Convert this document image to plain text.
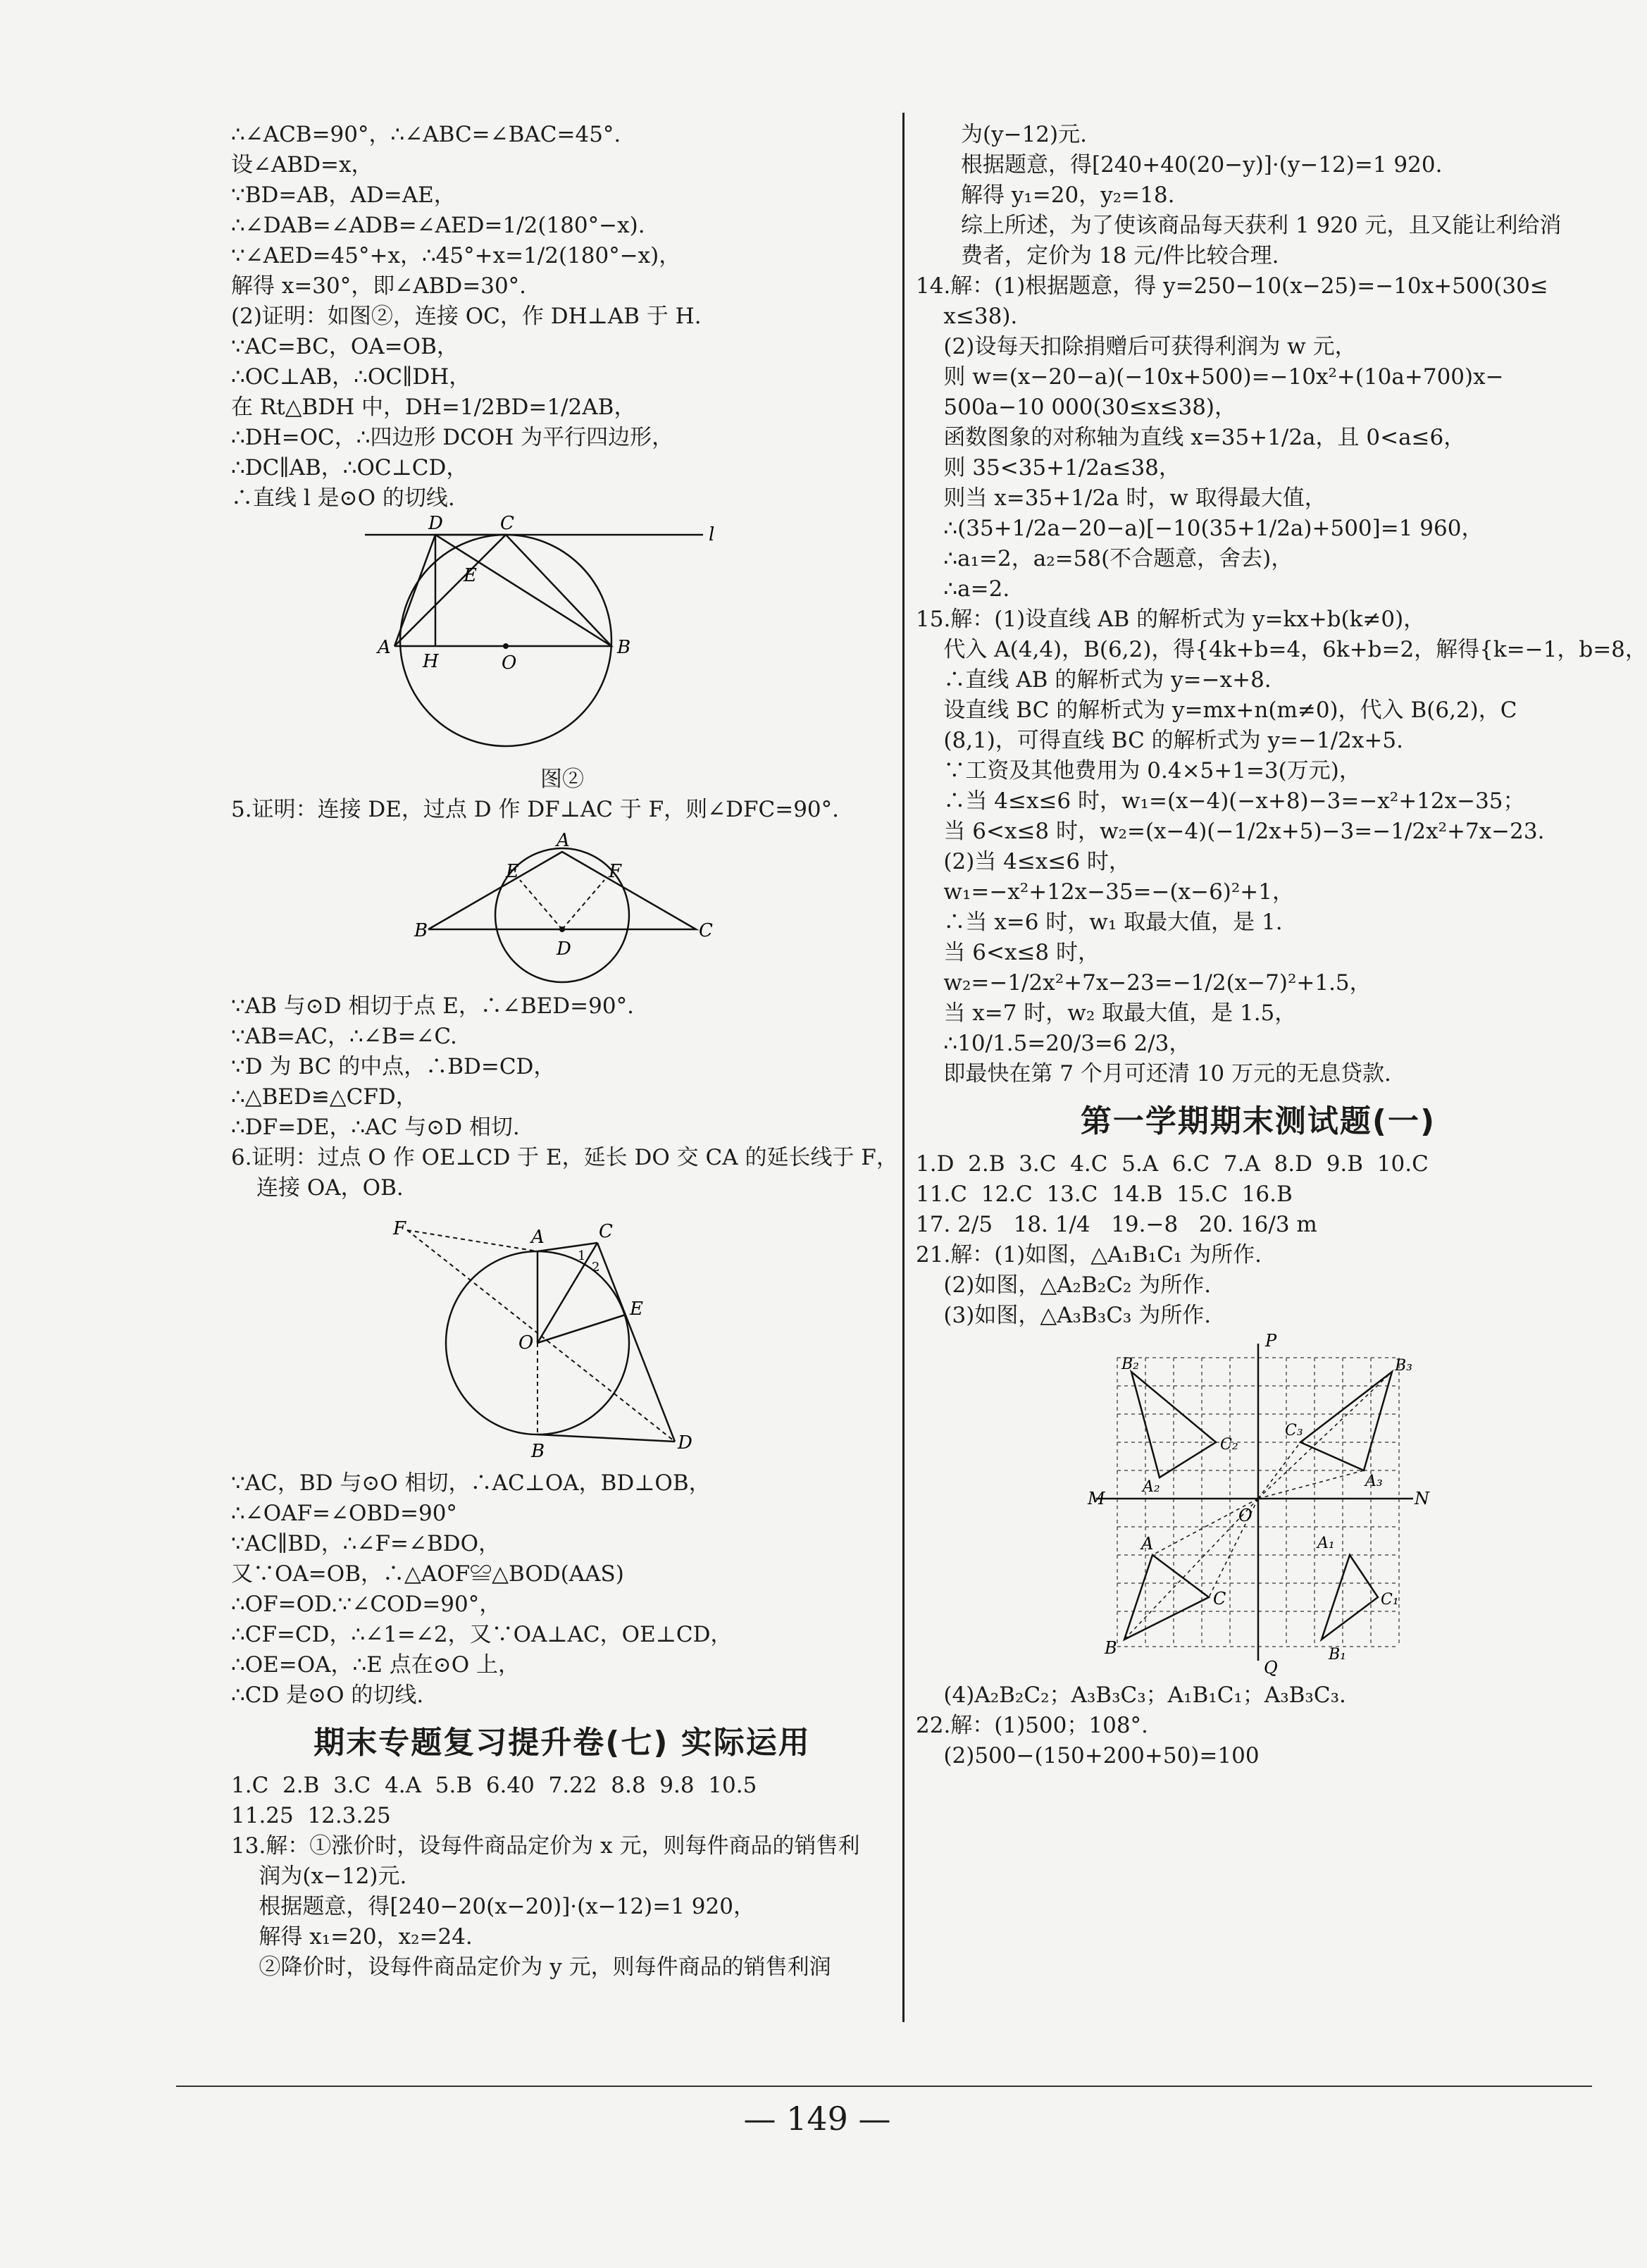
∴∠ACB=90°，∴∠ABC=∠BAC=45°.
设∠ABD=x，
∵BD=AB，AD=AE，
∴∠DAB=∠ADB=∠AED=1/2(180°−x).
∵∠AED=45°+x，∴45°+x=1/2(180°−x)，
解得 x=30°，即∠ABD=30°.
(2)证明：如图②，连接 OC，作 DH⊥AB 于 H.
∵AC=BC，OA=OB，
∴OC⊥AB，∴OC∥DH，
在 Rt△BDH 中，DH=1/2BD=1/2AB，
∴DH=OC，∴四边形 DCOH 为平行四边形，
∴DC∥AB，∴OC⊥CD，
∴直线 l 是⊙O 的切线.
D	C
l
E
A
H	O
B
图②
5.证明：连接 DE，过点 D 作 DF⊥AC 于 F，则∠DFC=90°.
A
E	F
B
D
C
∵AB 与⊙D 相切于点 E，∴∠BED=90°.
∵AB=AC，∴∠B=∠C.
∵D 为 BC 的中点，∴BD=CD，
∴△BED≌△CFD，
∴DF=DE，∴AC 与⊙D 相切.
6.证明：过点 O 作 OE⊥CD 于 E，延长 DO 交 CA 的延长线于 F，
连接 OA，OB.
F	A	C
1
2
E
O
B	D
∵AC，BD 与⊙O 相切，∴AC⊥OA，BD⊥OB，
∴∠OAF=∠OBD=90°
∵AC∥BD，∴∠F=∠BDO，
又∵OA=OB，∴△AOF≌△BOD(AAS)
∴OF=OD.∵∠COD=90°，
∴CF=CD，∴∠1=∠2，又∵OA⊥AC，OE⊥CD，
∴OE=OA，∴E 点在⊙O 上，
∴CD 是⊙O 的切线.
期末专题复习提升卷(七) 实际运用
1.C  2.B  3.C  4.A  5.B  6.40  7.22  8.8  9.8  10.5
11.25  12.3.25
13.解：①涨价时，设每件商品定价为 x 元，则每件商品的销售利
润为(x−12)元.
根据题意，得[240−20(x−20)]·(x−12)=1 920，
解得 x₁=20，x₂=24.
②降价时，设每件商品定价为 y 元，则每件商品的销售利润
为(y−12)元.
根据题意，得[240+40(20−y)]·(y−12)=1 920.
解得 y₁=20，y₂=18.
综上所述，为了使该商品每天获利 1 920 元，且又能让利给消
费者，定价为 18 元/件比较合理.
14.解：(1)根据题意，得 y=250−10(x−25)=−10x+500(30≤
x≤38).
(2)设每天扣除捐赠后可获得利润为 w 元，
则 w=(x−20−a)(−10x+500)=−10x²+(10a+700)x−
500a−10 000(30≤x≤38)，
函数图象的对称轴为直线 x=35+1/2a，且 0<a≤6，
则 35<35+1/2a≤38，
则当 x=35+1/2a 时，w 取得最大值，
∴(35+1/2a−20−a)[−10(35+1/2a)+500]=1 960，
∴a₁=2，a₂=58(不合题意，舍去)，
∴a=2.
15.解：(1)设直线 AB 的解析式为 y=kx+b(k≠0)，
代入 A(4,4)，B(6,2)，得{4k+b=4，6k+b=2，解得{k=−1，b=8，
∴直线 AB 的解析式为 y=−x+8.
设直线 BC 的解析式为 y=mx+n(m≠0)，代入 B(6,2)，C
(8,1)，可得直线 BC 的解析式为 y=−1/2x+5.
∵工资及其他费用为 0.4×5+1=3(万元)，
∴当 4≤x≤6 时，w₁=(x−4)(−x+8)−3=−x²+12x−35；
当 6<x≤8 时，w₂=(x−4)(−1/2x+5)−3=−1/2x²+7x−23.
(2)当 4≤x≤6 时，
w₁=−x²+12x−35=−(x−6)²+1，
∴当 x=6 时，w₁ 取最大值，是 1.
当 6<x≤8 时，
w₂=−1/2x²+7x−23=−1/2(x−7)²+1.5，
当 x=7 时，w₂ 取最大值，是 1.5，
∴10/1.5=20/3=6 2/3，
即最快在第 7 个月可还清 10 万元的无息贷款.
第一学期期末测试题(一)
1.D  2.B  3.C  4.C  5.A  6.C  7.A  8.D  9.B  10.C
11.C  12.C  13.C  14.B  15.C  16.B
17. 2/5   18. 1/4   19.−8   20. 16/3 m
21.解：(1)如图，△A₁B₁C₁ 为所作.
(2)如图，△A₂B₂C₂ 为所作.
(3)如图，△A₃B₃C₃ 为所作.
P
Q
M	N
O
A
B
C
A₁
B₁
C₁
A₂
B₂
C₂
A₃
B₃
C₃
(4)A₂B₂C₂；A₃B₃C₃；A₁B₁C₁；A₃B₃C₃.
22.解：(1)500；108°.
(2)500−(150+200+50)=100
— 149 —
